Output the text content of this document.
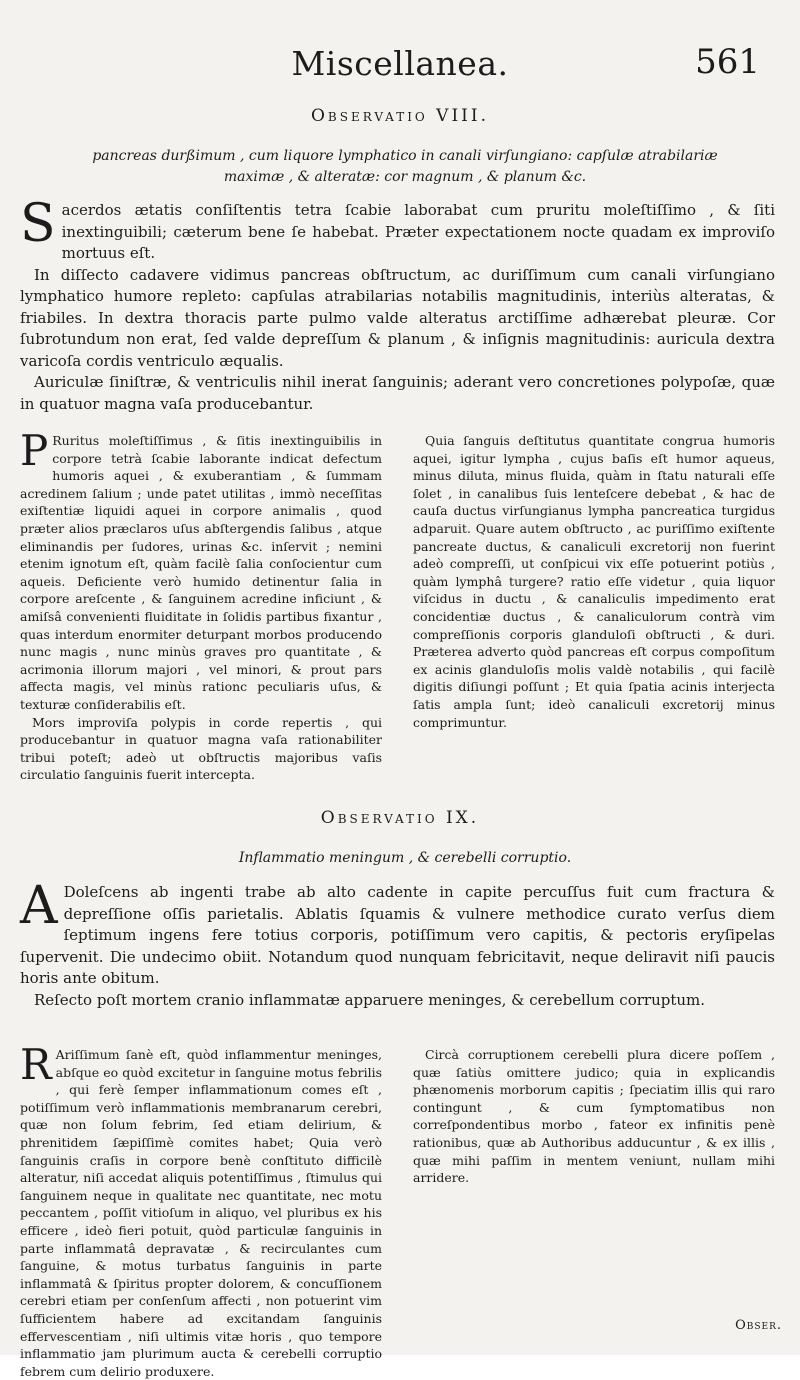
Miscellanea.	561
Observatio VIII.
pancreas durßimum , cum liquore lymphatico in canali virſungiano: capſulæ atrabilariæ maximæ , & alteratæ: cor magnum , & planum &c.

Sacerdos ætatis conſiſtentis tetra ſcabie laborabat cum pruritu moleſtiſſimo , & ſiti inextinguibili; cæterum bene ſe habebat. Præter expectationem nocte quadam ex improviſo mortuus eſt.

In diſſecto cadavere vidimus pancreas obſtructum, ac duriſſimum cum canali virſungiano lymphatico humore repleto: capſulas atrabilarias notabilis magnitudinis, interiùs alteratas, & friabiles. In dextra thoracis parte pulmo valde alteratus arctiſſime adhærebat pleuræ. Cor ſubrotundum non erat, ſed valde depreſſum & planum , & inſignis magnitudinis: auricula dextra varicoſa cordis ventriculo æqualis.

Auriculæ ſiniſtræ, & ventriculis nihil inerat ſanguinis; aderant vero concretiones polypoſæ, quæ in quatuor magna vaſa producebantur.

P Ruritus moleſtiſſimus , & ſitis inextinguibilis in corpore tetrà ſcabie laborante indicat defectum humoris aquei , & exuberantiam , & ſummam acredinem ſalium ; unde patet utilitas , immò neceſſitas exiſtentiæ liquidi aquei in corpore animalis , quod præter alios præclaros uſus abſtergendis ſalibus , atque eliminandis per ſudores, urinas &c. inſervit ; nemini etenim ignotum eſt, quàm facilè ſalia conſocientur cum aqueis. Deficiente verò humido detinentur ſalia in corpore areſcente , & ſanguinem acredine inficiunt , & amiſsâ convenienti fluiditate in ſolidis partibus fixantur , quas interdum enormiter deturpant morbos producendo nunc magis , nunc minùs graves pro quantitate , & acrimonia illorum majori , vel minori, & prout pars affecta magis, vel minùs rationc peculiaris uſus, & texturæ conſiderabilis eſt.

Mors improviſa polypis in corde repertis , qui producebantur in quatuor magna vaſa rationabiliter tribui poteſt; adeò ut obſtructis majoribus vaſis circulatio ſanguinis fuerit intercepta.

Quia ſanguis deſtitutus quantitate congrua humoris aquei, igitur lympha , cujus baſis eſt humor aqueus, minus diluta, minus fluida, quàm in ſtatu naturali eſſe ſolet , in canalibus ſuis lenteſcere debebat , & hac de cauſa ductus virſungianus lympha pancreatica turgidus adparuit. Quare autem obſtructo , ac puriſſimo exiſtente pancreate ductus, & canaliculi excretorij non fuerint adeò compreſſi, ut conſpicui vix eſſe potuerint potiùs , quàm lymphâ turgere? ratio eſſe videtur , quia liquor viſcidus in ductu , & canaliculis impedimento erat concidentiæ ductus , & canaliculorum contrà vim compreſſionis corporis glanduloſi obſtructi , & duri. Præterea adverto quòd pancreas eſt corpus compoſitum ex acinis glanduloſis molis valdè notabilis , qui facilè digitis diſiungi poſſunt ; Et quia ſpatia acinis interjecta ſatis ampla ſunt; ideò canaliculi excretorij minus comprimuntur.

Observatio IX.
Inflammatio meningum , & cerebelli corruptio.

A Doleſcens ab ingenti trabe ab alto cadente in capite percuſſus fuit cum fractura & depreſſione oſſis parietalis. Ablatis ſquamis & vulnere methodice curato verſus diem ſeptimum ingens fere totius corporis, potiſſimum vero capitis, & pectoris eryſipelas ſupervenit. Die undecimo obiit. Notandum quod nunquam febricitavit, neque deliravit niſi paucis horis ante obitum.

Reſecto poſt mortem cranio inflammatæ apparuere meninges, & cerebellum corruptum.

R Ariſſimum ſanè eſt, quòd inflammentur meninges, abſque eo quòd excitetur in ſanguine motus febrilis , qui ferè ſemper inflammationum comes eſt , potiſſimum verò inflammationis membranarum cerebri, quæ non ſolum febrim, ſed etiam delirium, & phrenitidem ſæpiſſimè comites habet; Quia verò ſanguinis craſis in corpore benè conſtituto difficilè alteratur, niſi accedat aliquis potentiſſimus , ſtimulus qui ſanguinem neque in qualitate nec quantitate, nec motu peccantem , poſſit vitioſum in aliquo, vel pluribus ex his efficere , ideò fieri potuit, quòd particulæ ſanguinis in parte inflammatâ depravatæ , & recirculantes cum ſanguine, & motus turbatus ſanguinis in parte inflammatâ & ſpiritus propter dolorem, & concuſſionem cerebri etiam per conſenſum affecti , non potuerint vim ſufficientem habere ad excitandam ſanguinis effervescentiam , niſi ultimis vitæ horis , quo tempore inflammatio jam plurimum aucta & cerebelli corruptio febrem cum delirio produxere.

Circà corruptionem cerebelli plura dicere poſſem , quæ ſatiùs omittere judico; quia in explicandis phænomenis morborum capitis ; ſpeciatim illis qui raro contingunt , & cum ſymptomatibus non correſpondentibus morbo , fateor ex infinitis penè rationibus, quæ ab Authoribus adducuntur , & ex illis , quæ mihi paſſim in mentem veniunt, nullam mihi arridere.

Obser.
